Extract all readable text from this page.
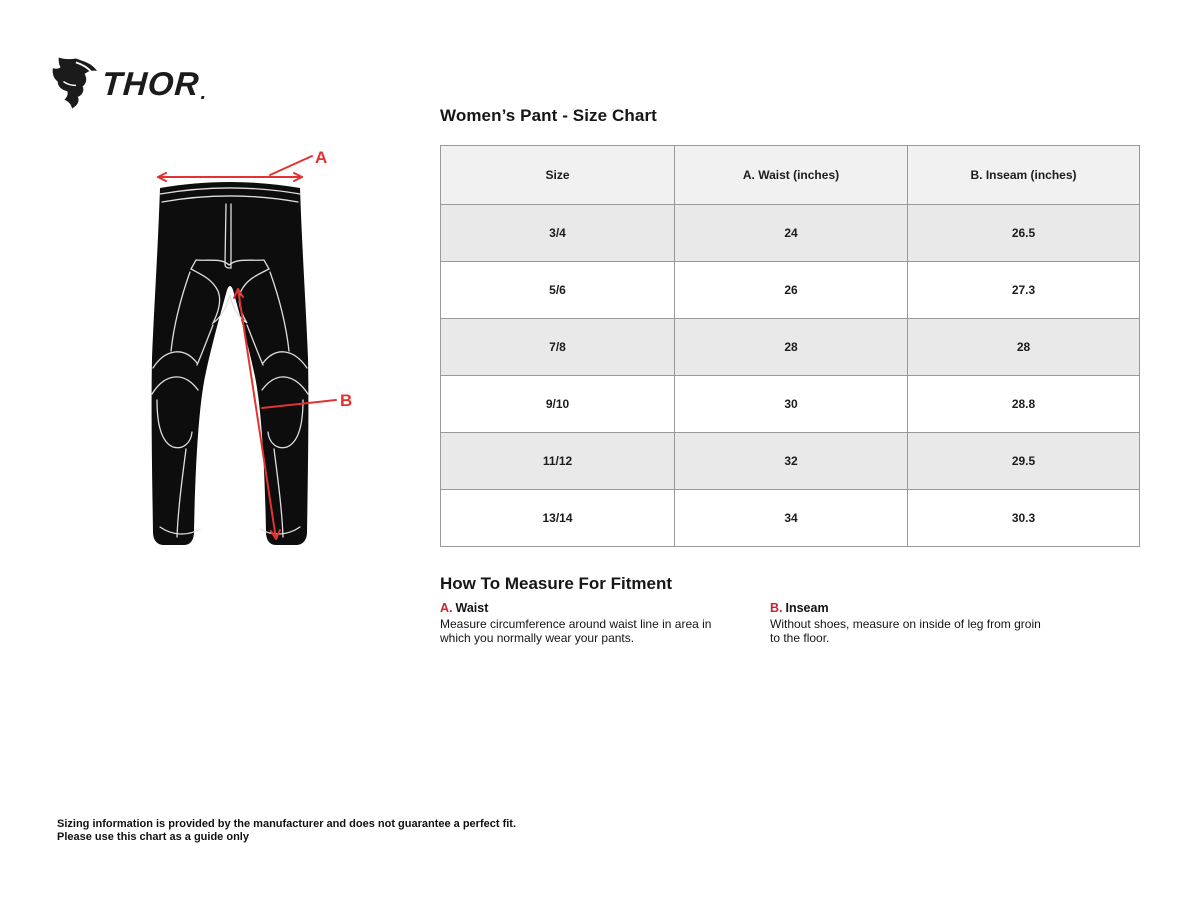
THOR .
A
B
Women’s Pant - Size Chart
Size	A. Waist (inches)	B. Inseam (inches)
3/4	24	26.5
5/6	26	27.3
7/8	28	28
9/10	30	28.8
11/12	32	29.5
13/14	34	30.3
How To Measure For Fitment
A. Waist
Measure circumference around waist line in area in which you normally wear your pants.
B. Inseam
Without shoes, measure on inside of leg from groin to the floor.
Sizing information is provided by the manufacturer and does not guarantee a perfect fit.
Please use this chart as a guide only
